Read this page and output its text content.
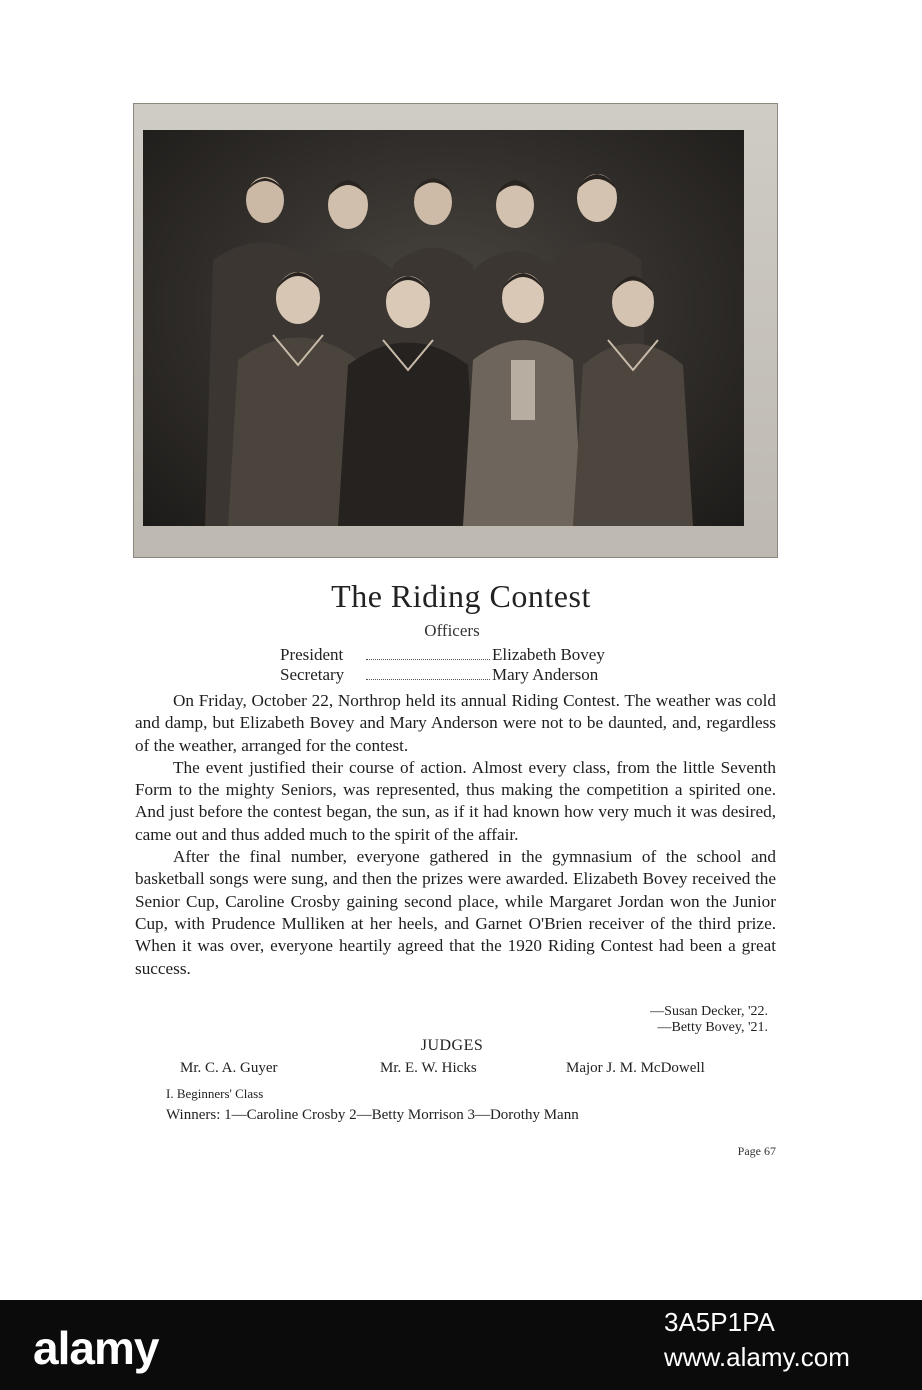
The Riding Contest
Officers
President	Elizabeth Bovey
Secretary	Mary Anderson

On Friday, October 22, Northrop held its annual Riding Contest. The weather was cold and damp, but Elizabeth Bovey and Mary Anderson were not to be daunted, and, regardless of the weather, arranged for the contest.

The event justified their course of action. Almost every class, from the little Seventh Form to the mighty Seniors, was represented, thus making the competition a spirited one. And just before the contest began, the sun, as if it had known how very much it was desired, came out and thus added much to the spirit of the affair.

After the final number, everyone gathered in the gymnasium of the school and basketball songs were sung, and then the prizes were awarded. Elizabeth Bovey received the Senior Cup, Caroline Crosby gaining second place, while Margaret Jordan won the Junior Cup, with Prudence Mulliken at her heels, and Garnet O'Brien receiver of the third prize. When it was over, everyone heartily agreed that the 1920 Riding Contest had been a great success.

—Susan Decker, '22.
—Betty Bovey, '21.
JUDGES
Mr. C. A. Guyer	Mr. E. W. Hicks	Major J. M. McDowell
I. Beginners' Class
Winners: 1—Caroline Crosby 2—Betty Morrison 3—Dorothy Mann
Page 67
alamy	3A5P1PA
www.alamy.com
